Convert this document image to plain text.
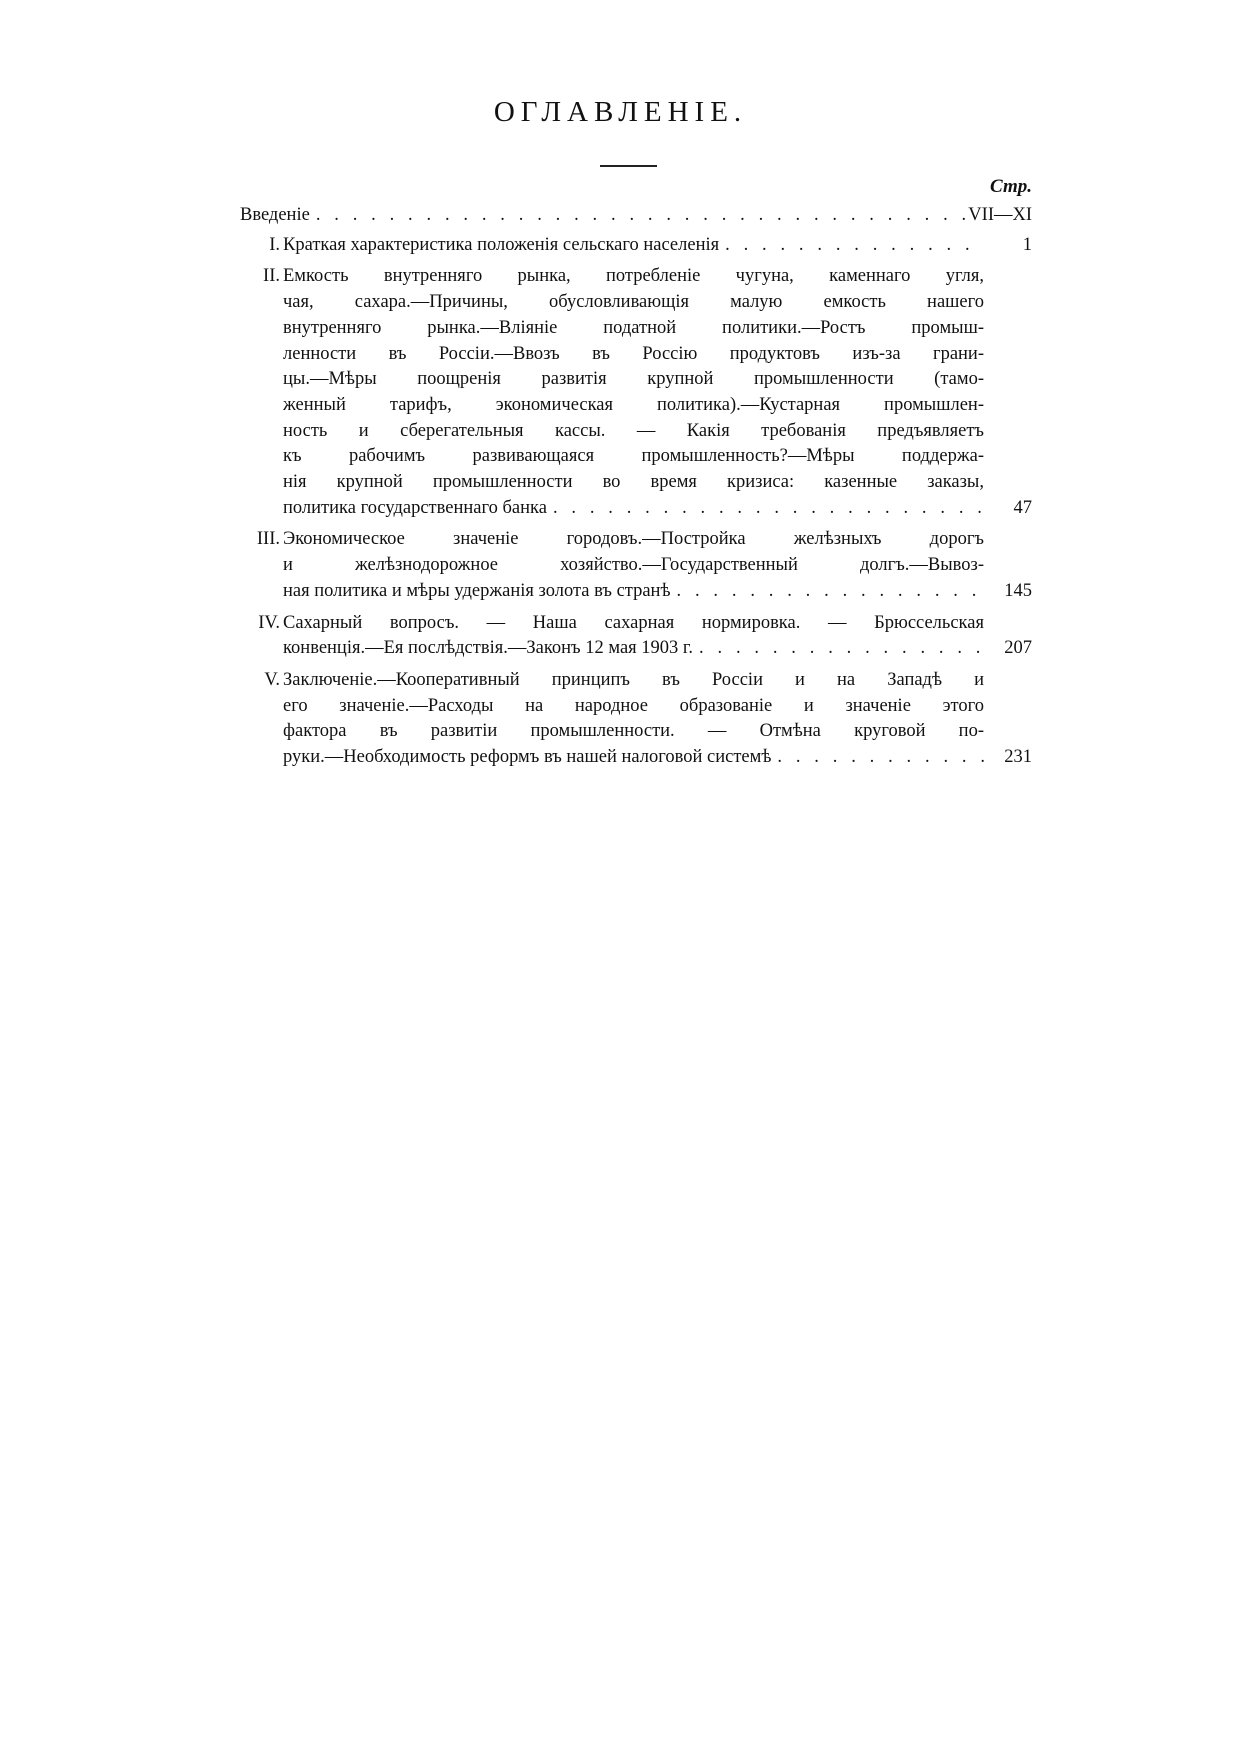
ОГЛАВЛЕНІЕ.
Стр.
Введеніе . . .	VII—XI
I. Краткая характеристика положенія сельскаго населенія . . .	1
II. Емкость внутренняго рынка, потребленіе чугуна, каменнаго угля,
чая, сахара.—Причины, обусловливающія малую емкость нашего
внутренняго рынка.—Вліяніе податной политики.—Ростъ промыш-
ленности въ Россіи.—Ввозъ въ Россію продуктовъ изъ-за грани-
цы.—Мѣры поощренія развитія крупной промышленности (тамо-
женный тарифъ, экономическая политика).—Кустарная промышлен-
ность и сберегательныя кассы. — Какія требованія предъявляетъ
къ рабочимъ развивающаяся промышленность?—Мѣры поддержа-
нія крупной промышленности во время кризиса: казенные заказы,
политика государственнаго банка . . .	47
III. Экономическое значеніе городовъ.—Постройка желѣзныхъ дорогъ
и желѣзнодорожное хозяйство.—Государственный долгъ.—Вывоз-
ная политика и мѣры удержанія золота въ странѣ . . .	145
IV. Сахарный вопросъ. — Наша сахарная нормировка. — Брюссельская
конвенція.—Ея послѣдствія.—Законъ 12 мая 1903 г. . . .	207
V. Заключеніе.—Кооперативный принципъ въ Россіи и на Западѣ и
его значеніе.—Расходы на народное образованіе и значеніе этого
фактора въ развитіи промышленности. — Отмѣна круговой по-
руки.—Необходимость реформъ въ нашей налоговой системѣ . . .	231
